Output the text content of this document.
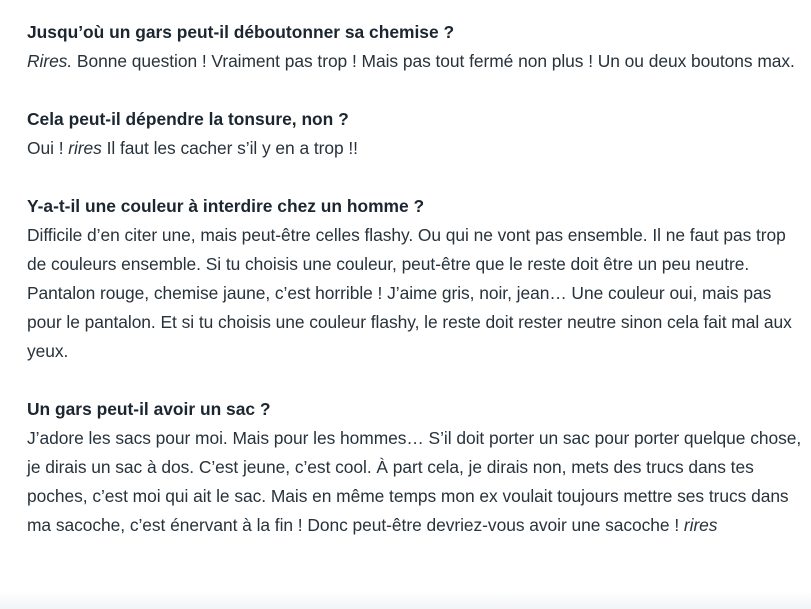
Jusqu’où un gars peut-il déboutonner sa chemise ?

Rires. Bonne question ! Vraiment pas trop ! Mais pas tout fermé non plus ! Un ou deux boutons max.

Cela peut-il dépendre la tonsure, non ?

Oui ! rires Il faut les cacher s’il y en a trop !!

Y-a-t-il une couleur à interdire chez un homme ?

Difficile d’en citer une, mais peut-être celles flashy. Ou qui ne vont pas ensemble. Il ne faut pas trop de couleurs ensemble. Si tu choisis une couleur, peut-être que le reste doit être un peu neutre. Pantalon rouge, chemise jaune, c’est horrible ! J’aime gris, noir, jean… Une couleur oui, mais pas pour le pantalon. Et si tu choisis une couleur flashy, le reste doit rester neutre sinon cela fait mal aux yeux.

Un gars peut-il avoir un sac ?

J’adore les sacs pour moi. Mais pour les hommes… S’il doit porter un sac pour porter quelque chose, je dirais un sac à dos. C’est jeune, c’est cool. À part cela, je dirais non, mets des trucs dans tes poches, c’est moi qui ait le sac. Mais en même temps mon ex voulait toujours mettre ses trucs dans ma sacoche, c’est énervant à la fin ! Donc peut-être devriez-vous avoir une sacoche ! rires
